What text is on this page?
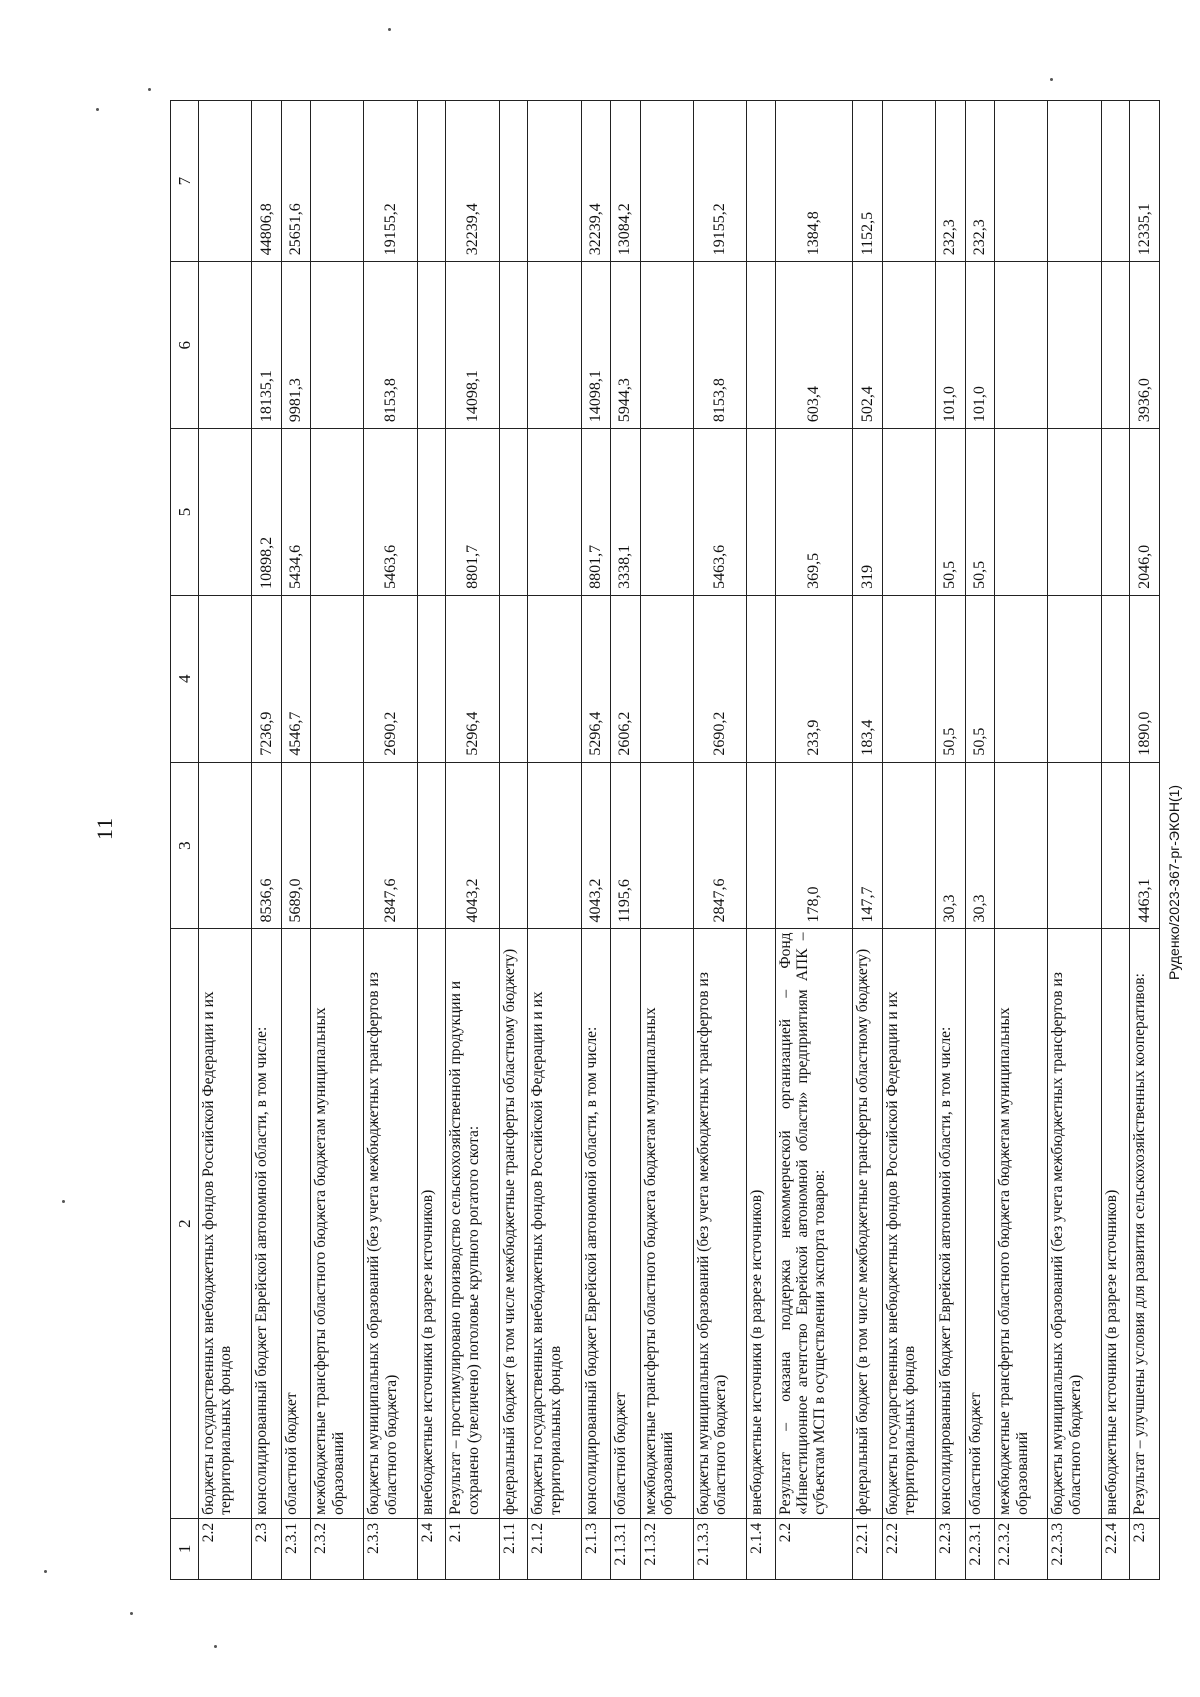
11	Руденко/2023-367-рг-ЭКОН(1)
1	2	3	4	5	6	7
2.2	бюджеты государственных внебюджетных фондов Российской Федерации и их территориальных фондов					
2.3	консолидированный бюджет Еврейской автономной области, в том числе:	8536,6	7236,9	10898,2	18135,1	44806,8
2.3.1	областной бюджет	5689,0	4546,7	5434,6	9981,3	25651,6
2.3.2	межбюджетные трансферты областного бюджета бюджетам муниципальных образований					
2.3.3	бюджеты муниципальных образований (без учета межбюджетных трансфертов из областного бюджета)	2847,6	2690,2	5463,6	8153,8	19155,2
2.4	внебюджетные источники (в разрезе источников)					
2.1	Результат – простимулировано производство сельскохозяйственной продукции и сохранено (увеличено) поголовье крупного рогатого скота:	4043,2	5296,4	8801,7	14098,1	32239,4
2.1.1	федеральный бюджет (в том числе межбюджетные трансферты областному бюджету)					
2.1.2	бюджеты государственных внебюджетных фондов Российской Федерации и их территориальных фондов					
2.1.3	консолидированный бюджет Еврейской автономной области, в том числе:	4043,2	5296,4	8801,7	14098,1	32239,4
2.1.3.1	областной бюджет	1195,6	2606,2	3338,1	5944,3	13084,2
2.1.3.2	межбюджетные трансферты областного бюджета бюджетам муниципальных образований					
2.1.3.3	бюджеты муниципальных образований (без учета межбюджетных трансфертов из областного бюджета)	2847,6	2690,2	5463,6	8153,8	19155,2
2.1.4	внебюджетные источники (в разрезе источников)					
2.2	Результат – оказана поддержка некоммерческой организацией – Фонд «Инвестиционное агентство Еврейской автономной области» предприятиям АПК – субъектам МСП в осуществлении экспорта товаров:	178,0	233,9	369,5	603,4	1384,8
2.2.1	федеральный бюджет (в том числе межбюджетные трансферты областному бюджету)	147,7	183,4	319	502,4	1152,5
2.2.2	бюджеты государственных внебюджетных фондов Российской Федерации и их территориальных фондов					
2.2.3	консолидированный бюджет Еврейской автономной области, в том числе:	30,3	50,5	50,5	101,0	232,3
2.2.3.1	областной бюджет	30,3	50,5	50,5	101,0	232,3
2.2.3.2	межбюджетные трансферты областного бюджета бюджетам муниципальных образований					
2.2.3.3	бюджеты муниципальных образований (без учета межбюджетных трансфертов из областного бюджета)					
2.2.4	внебюджетные источники (в разрезе источников)					
2.3	Результат – улучшены условия для развития сельскохозяйственных кооперативов:	4463,1	1890,0	2046,0	3936,0	12335,1
